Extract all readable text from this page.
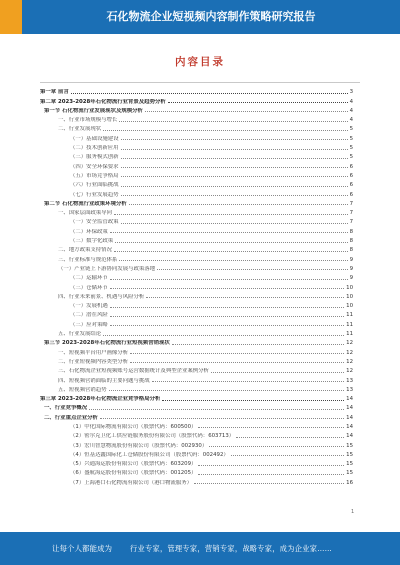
石化物流企业短视频内容制作策略研究报告
内容目录
第一章 前言	3
第二章 2023-2028年石化物流行业背景及趋势分析	4
第一节 石化物流行业发展现状及规模分析	4
一、行业市场规模与增长	4
二、行业发展现状	5
（一）基础设施建设	5
（二）技术创新应用	5
（三）服务模式创新	5
（四）安全环保要求	6
（五）市场竞争格局	6
（六）行业面临挑战	6
（七）行业发展趋势	6
第二节 石化物流行业政策环境分析	7
一、国家层面政策导向	7
（一）安全监管政策	7
（二）环保政策	8
（三）数字化政策	8
二、地方政策支持情况	8
三、行业标准与规范体系	9
（一）产业链上下游协同发展与政策落地	9
（二）运输环节	9
（三）仓储环节	10
四、行业未来前景、机遇与风险分析	10
（一）发展机遇	10
（二）潜在风险	11
（三）应对策略	11
五、行业发展结论	11
第三节 2023-2028年石化物流行业短视频营销现状	12
一、短视频平台用户画像分析	12
二、行业短视频内容类型分析	12
三、石化物流企业短视频账号运营数据统计及典型企业案例分析	12
四、短视频营销面临的主要问题与挑战	13
五、短视频营销趋势	13
第三章 2023-2028年石化物流企业竞争格局分析	14
一、行业竞争概况	14
二、行业重点企业分析	14
（1）中化国际物流有限公司（股票代码：600500）	14
（2）密尔克卫化工供应链服务股份有限公司（股票代码：603713）	14
（3）宏川智慧物流股份有限公司（股票代码：002930）	15
（4）恒基达鑫国际化工仓储股份有限公司（股票代码：002492）	15
（5）兴通海运股份有限公司（股票代码：603209）	15
（6）盛航海运股份有限公司（股票代码：001205）	15
（7）上海港口石化物流有限公司（港口物流服务）	16
1
让每个人都能成为	行业专家，管理专家，营销专家，战略专家，成为企业家……
